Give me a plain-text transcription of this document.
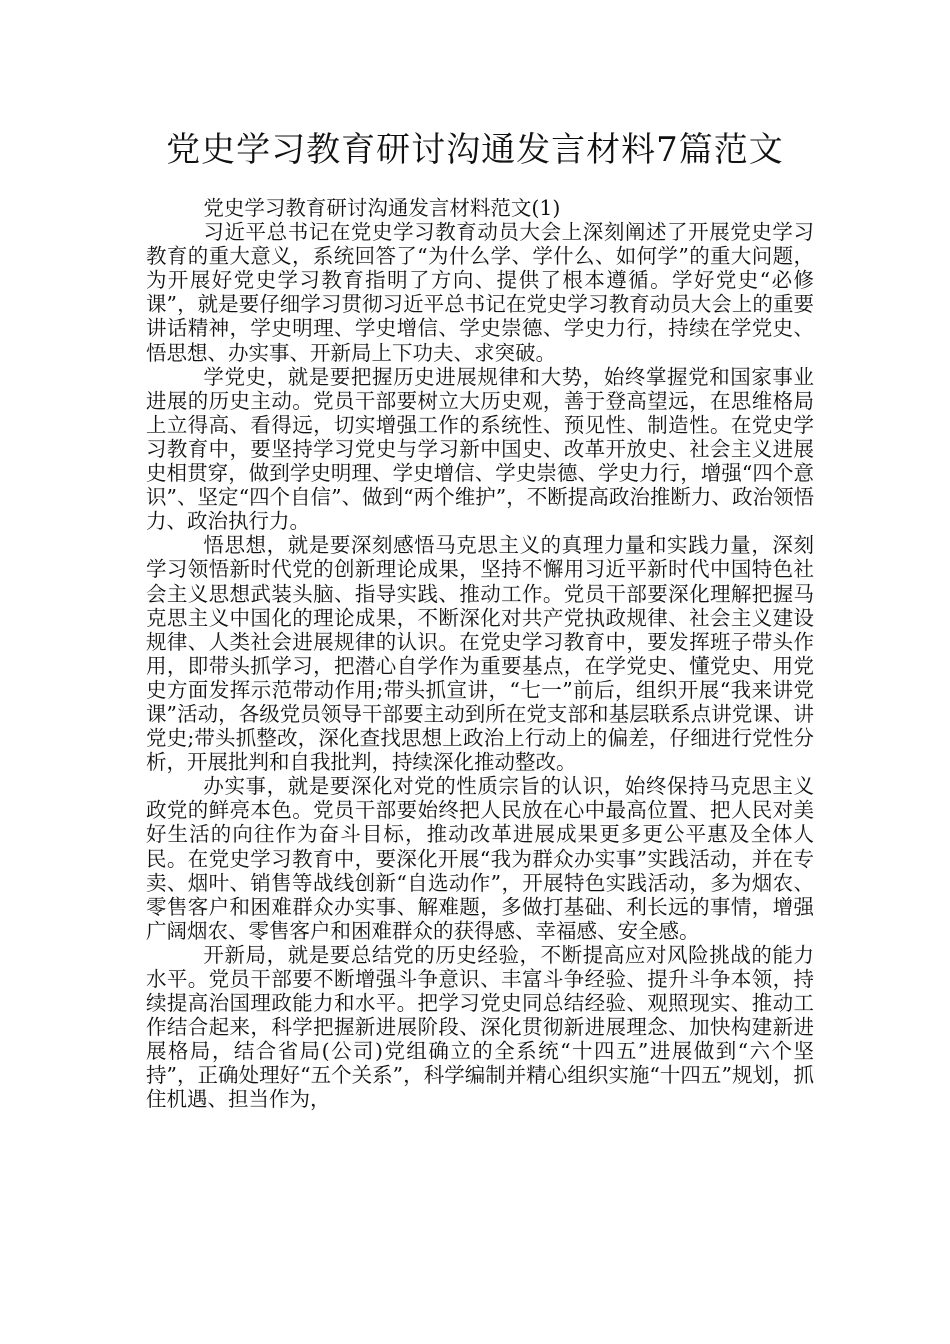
党史学习教育研讨沟通发言材料7篇范文

党史学习教育研讨沟通发言材料范文(1)

习近平总书记在党史学习教育动员大会上深刻阐述了开展党史学习教育的重大意义，系统回答了“为什么学、学什么、如何学”的重大问题，为开展好党史学习教育指明了方向、提供了根本遵循。学好党史“必修课”，就是要仔细学习贯彻习近平总书记在党史学习教育动员大会上的重要讲话精神，学史明理、学史增信、学史崇德、学史力行，持续在学党史、悟思想、办实事、开新局上下功夫、求突破。

学党史，就是要把握历史进展规律和大势，始终掌握党和国家事业进展的历史主动。党员干部要树立大历史观，善于登高望远，在思维格局上立得高、看得远，切实增强工作的系统性、预见性、制造性。在党史学习教育中，要坚持学习党史与学习新中国史、改革开放史、社会主义进展史相贯穿，做到学史明理、学史增信、学史崇德、学史力行，增强“四个意识”、坚定“四个自信”、做到“两个维护”，不断提高政治推断力、政治领悟力、政治执行力。

悟思想，就是要深刻感悟马克思主义的真理力量和实践力量，深刻学习领悟新时代党的创新理论成果，坚持不懈用习近平新时代中国特色社会主义思想武装头脑、指导实践、推动工作。党员干部要深化理解把握马克思主义中国化的理论成果，不断深化对共产党执政规律、社会主义建设规律、人类社会进展规律的认识。在党史学习教育中，要发挥班子带头作用，即带头抓学习，把潜心自学作为重要基点，在学党史、懂党史、用党史方面发挥示范带动作用;带头抓宣讲，“七一”前后，组织开展“我来讲党课”活动，各级党员领导干部要主动到所在党支部和基层联系点讲党课、讲党史;带头抓整改，深化查找思想上政治上行动上的偏差，仔细进行党性分析，开展批判和自我批判，持续深化推动整改。

办实事，就是要深化对党的性质宗旨的认识，始终保持马克思主义政党的鲜亮本色。党员干部要始终把人民放在心中最高位置、把人民对美好生活的向往作为奋斗目标，推动改革进展成果更多更公平惠及全体人民。在党史学习教育中，要深化开展“我为群众办实事”实践活动，并在专卖、烟叶、销售等战线创新“自选动作”，开展特色实践活动，多为烟农、零售客户和困难群众办实事、解难题，多做打基础、利长远的事情，增强广阔烟农、零售客户和困难群众的获得感、幸福感、安全感。

开新局，就是要总结党的历史经验，不断提高应对风险挑战的能力水平。党员干部要不断增强斗争意识、丰富斗争经验、提升斗争本领，持续提高治国理政能力和水平。把学习党史同总结经验、观照现实、推动工作结合起来，科学把握新进展阶段、深化贯彻新进展理念、加快构建新进展格局，结合省局(公司)党组确立的全系统“十四五”进展做到“六个坚持”，正确处理好“五个关系”，科学编制并精心组织实施“十四五”规划，抓住机遇、担当作为，
